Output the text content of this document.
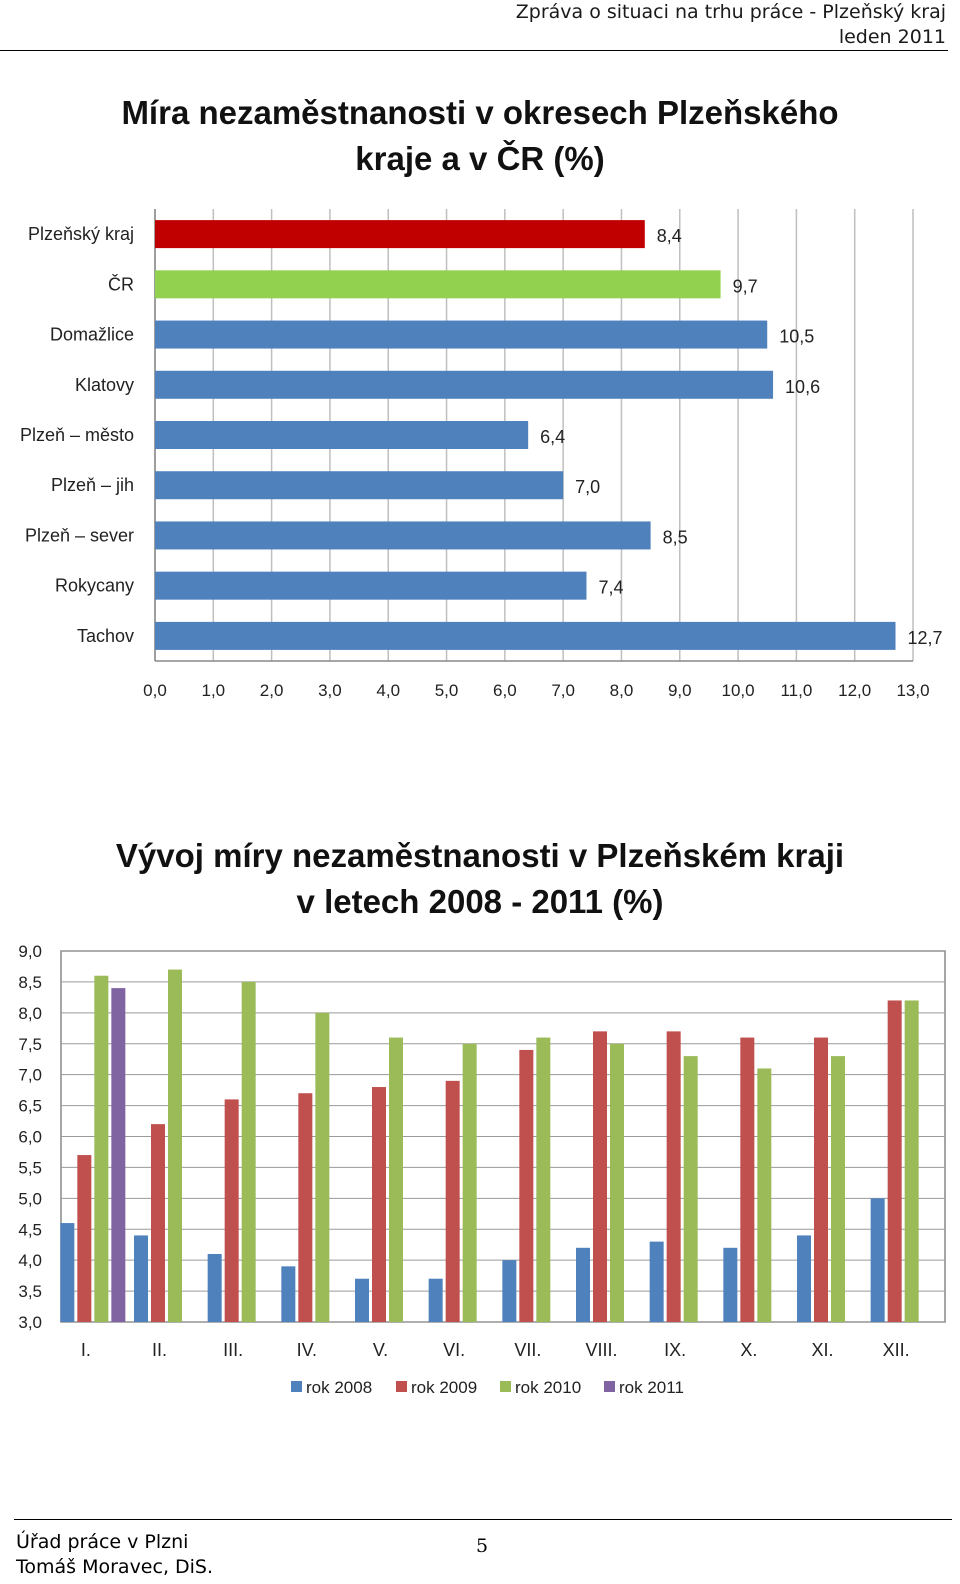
Zpráva o situaci na trhu práce - Plzeňský kraj
leden 2011
Míra nezaměstnanosti v okresech Plzeňského
kraje a v ČR (%)
0,0 1,0 2,0 3,0 4,0 5,0 6,0 7,0 8,0 9,0 10,0 11,0 12,0 13,0
Plzeňský kraj	8,4
ČR	9,7
Domažlice	10,5
Klatovy	10,6
Plzeň – město	6,4
Plzeň – jih	7,0
Plzeň – sever	8,5
Rokycany	7,4
Tachov	12,7
Vývoj míry nezaměstnanosti v Plzeňském kraji
v letech 2008 - 2011 (%)
3,0
3,5
4,0
4,5
5,0
5,5
6,0
6,5
7,0
7,5
8,0
8,5
9,0
I.	II.	III.	IV.	V.	VI.	VII. VIII.	IX.	X.	XI.	XII.
rok 2008 rok 2009 rok 2010 rok 2011
Úřad práce v Plzni
Tomáš Moravec, DiS.
5
